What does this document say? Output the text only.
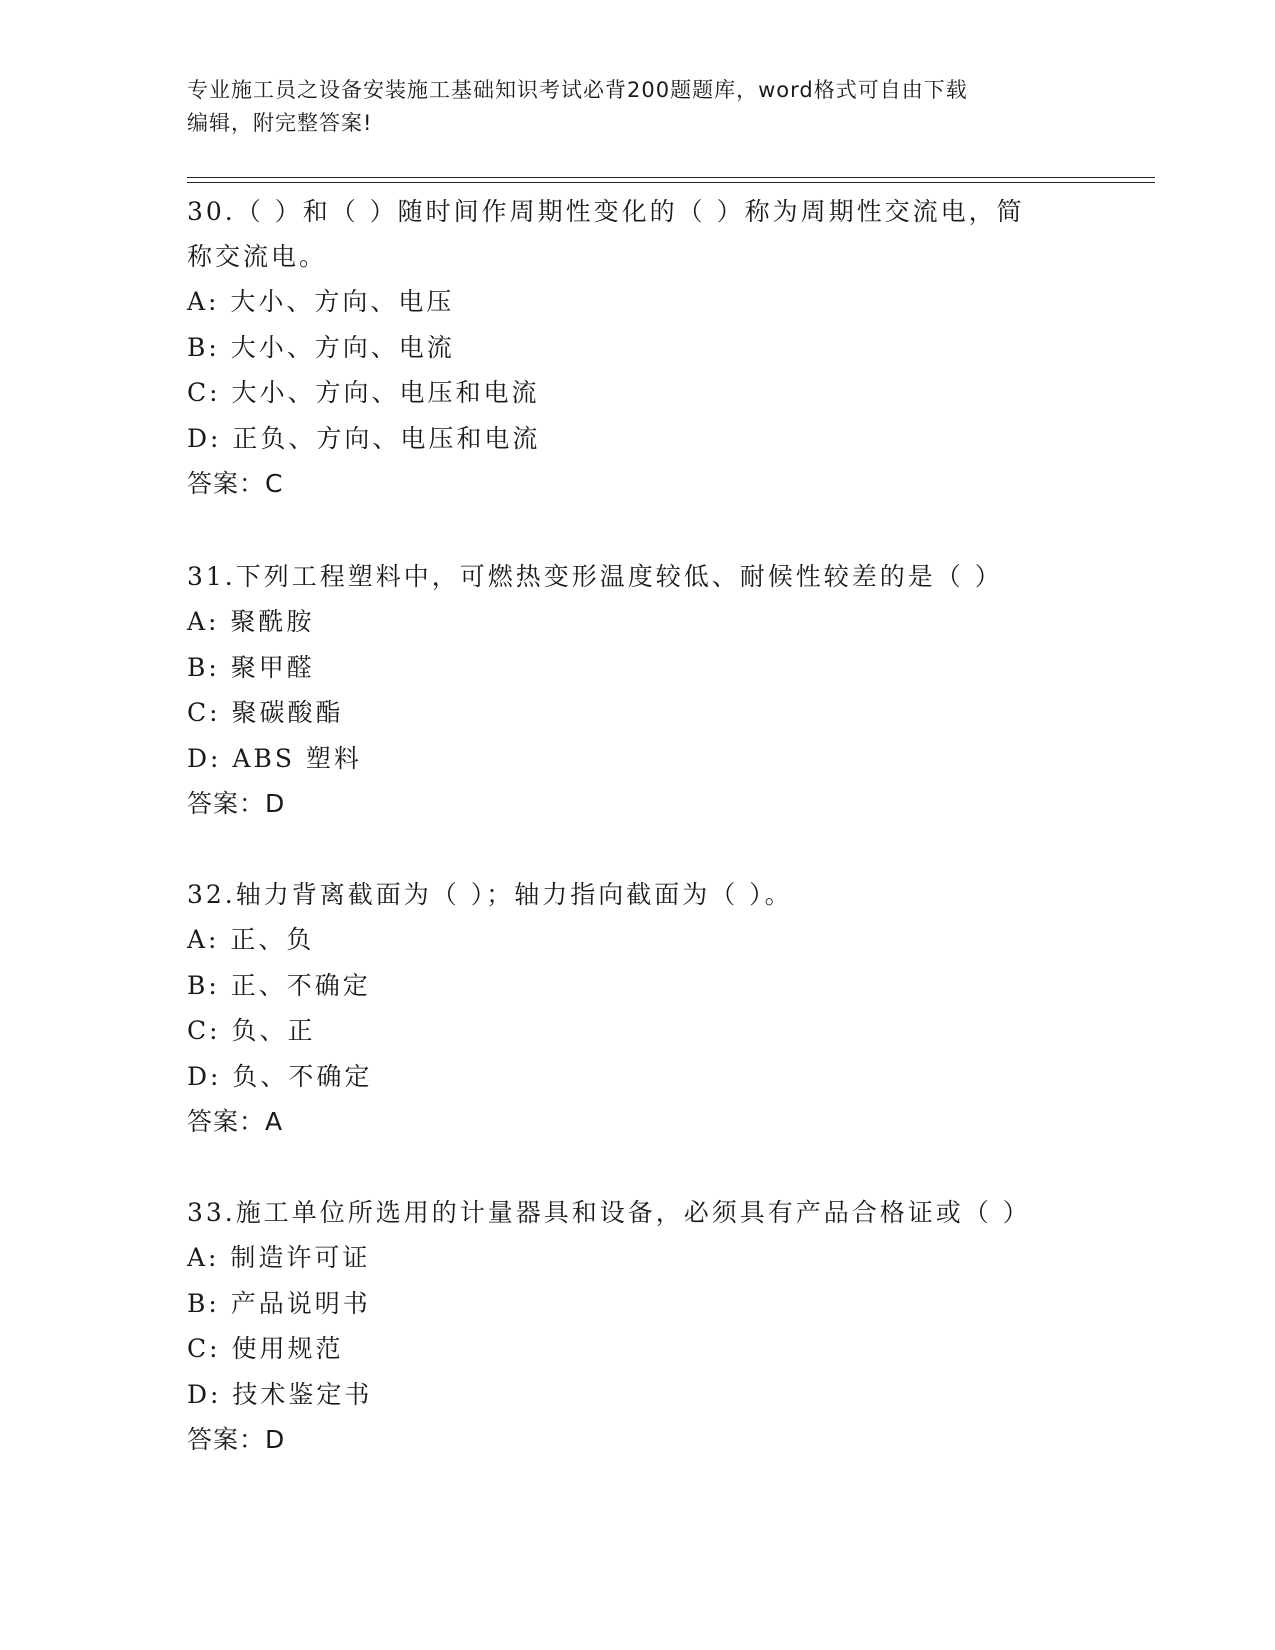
专业施工员之设备安装施工基础知识考试必背200题题库，word格式可自由下载
编辑，附完整答案!
30.（ ）和（ ）随时间作周期性变化的（ ）称为周期性交流电，简
称交流电。
A: 大小、方向、电压
B: 大小、方向、电流
C: 大小、方向、电压和电流
D: 正负、方向、电压和电流
答案：C
31.下列工程塑料中，可燃热变形温度较低、耐候性较差的是（ ）
A: 聚酰胺
B: 聚甲醛
C: 聚碳酸酯
D: ABS 塑料
答案：D
32.轴力背离截面为（ ）；轴力指向截面为（ ）。
A: 正、负
B: 正、不确定
C: 负、正
D: 负、不确定
答案：A
33.施工单位所选用的计量器具和设备，必须具有产品合格证或（ ）
A: 制造许可证
B: 产品说明书
C: 使用规范
D: 技术鉴定书
答案：D
